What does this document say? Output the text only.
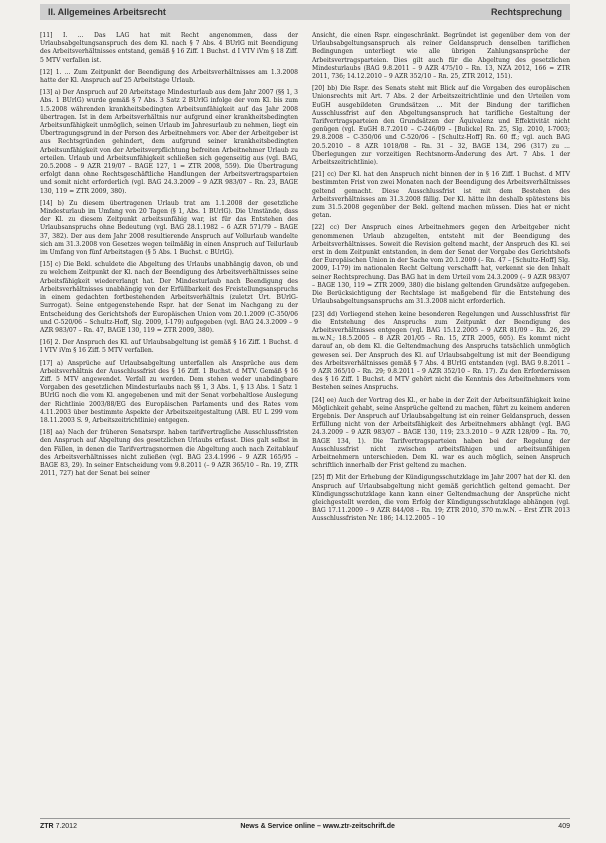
II. Allgemeines Arbeitsrecht	Rechtsprechung

[11] I. ... Das LAG hat mit Recht angenommen, dass der Urlaubsabgeltungsanspruch des dem Kl. nach § 7 Abs. 4 BUrlG mit Beendigung des Arbeitsverhältnisses entstand, gemäß § 16 Ziff. 1 Buchst. d I VTV iVm § 18 Ziff. 5 MTV verfallen ist.

[12] 1. ... Zum Zeitpunkt der Beendigung des Arbeitsverhältnisses am 1.3.2008 hatte der Kl. Anspruch auf 25 Arbeitstage Urlaub.

[13] a) Der Anspruch auf 20 Arbeitstage Mindesturlaub aus dem Jahr 2007 (§§ 1, 3 Abs. 1 BUrlG) wurde gemäß § 7 Abs. 3 Satz 2 BUrlG infolge der vom Kl. bis zum 1.5.2008 währenden krankheitsbedingten Arbeitsunfähigkeit auf das Jahr 2008 übertragen. Ist in dem Arbeitsverhältnis nur aufgrund einer krankheitsbedingten Arbeitsunfähigkeit unmöglich, seinen Urlaub im Jahresurlaub zu nehmen, liegt ein Übertragungsgrund in der Person des Arbeitnehmers vor. Aber der Arbeitgeber ist aus Rechtsgründen gehindert, dem aufgrund seiner krankheitsbedingten Arbeitsunfähigkeit von der Arbeitsverpflichtung befreiten Arbeitnehmer Urlaub zu erteilen. Urlaub und Arbeitsunfähigkeit schließen sich gegenseitig aus (vgl. BAG, 20.5.2008 – 9 AZR 219/07 – BAGE 127, 1 = ZTR 2008, 559). Die Übertragung erfolgt dann ohne Rechtsgeschäftliche Handlungen der Arbeitsvertragsparteien und somit nicht erforderlich (vgl. BAG 24.3.2009 – 9 AZR 983/07 – Rn. 23, BAGE 130, 119 = ZTR 2009, 380).

[14] b) Zu diesem übertragenen Urlaub trat am 1.1.2008 der gesetzliche Mindesturlaub im Umfang von 20 Tagen (§ 1, Abs. 1 BUrlG). Die Umstände, dass der Kl. zu diesem Zeitpunkt arbeitsunfähig war, ist für das Entstehen des Urlaubsanspruchs ohne Bedeutung (vgl. BAG 28.1.1982 – 6 AZR 571/79 – BAGE 37, 382). Der aus dem Jahr 2008 resultierende Anspruch auf Vollurlaub wandelte sich am 31.3.2008 von Gesetzes wegen teilmäßig in einen Anspruch auf Teilurlaub im Umfang von fünf Arbeitstagen (§ 5 Abs. 1 Buchst. c BUrlG).

[15] c) Die Bekl. schuldete die Abgeltung des Urlaubs unabhängig davon, ob und zu welchem Zeitpunkt der Kl. nach der Beendigung des Arbeitsverhältnisses seine Arbeitsfähigkeit wiedererlangt hat. Der Mindesturlaub nach Beendigung des Arbeitsverhältnisses unabhängig von der Erfüllbarkeit des Freistellungsanspruchs in einem gedachten fortbestehenden Arbeitsverhältnis (zuletzt Urt. BUrlG-Surrogat). Seine entgegenstehende Rspr. hat der Senat im Nachgang zu der Entscheidung des Gerichtshofs der Europäischen Union vom 20.1.2009 (C-350/06 und C-520/06 – Schultz-Hoff, Slg. 2009, I-179) aufgegeben (vgl. BAG 24.3.2009 – 9 AZR 983/07 – Rn. 47, BAGE 130, 119 = ZTR 2009, 380).

[16] 2. Der Anspruch des Kl. auf Urlaubsabgeltung ist gemäß § 16 Ziff. 1 Buchst. d I VTV iVm § 16 Ziff. 5 MTV verfallen.

[17] a) Ansprüche auf Urlaubsabgeltung unterfallen als Ansprüche aus dem Arbeitsverhältnis der Ausschlussfrist des § 16 Ziff. 1 Buchst. d MTV. Gemäß § 16 Ziff. 5 MTV angewendet. Verfall zu werden. Dem stehen weder unabdingbare Vorgaben des gesetzlichen Mindesturlaubs nach §§ 1, 3 Abs. 1, § 13 Abs. 1 Satz 1 BUrlG noch die vom Kl. angegebenen und mit der Senat vorbehaltlose Auslegung der Richtlinie 2003/88/EG des Europäischen Parlaments und des Rates vom 4.11.2003 über bestimmte Aspekte der Arbeitszeitgestaltung (ABl. EU L 299 vom 18.11.2003 S. 9, Arbeitszeitrichtlinie) entgegen.

[18] aa) Nach der früheren Senatsrspr. haben tarifvertragliche Ausschlussfristen den Anspruch auf Abgeltung des gesetzlichen Urlaubs erfasst. Dies galt selbst in den Fällen, in denen die Tarifvertragsnormen die Abgeltung auch nach Zeitablauf des Arbeitsverhältnisses nicht zuließen (vgl. BAG 23.4.1996 – 9 AZR 165/95 – BAGE 83, 29). In seiner Entscheidung vom 9.8.2011 (– 9 AZR 365/10 – Rn. 19, ZTR 2011, 727) hat der Senat bei seiner

Ansicht, die einen Rspr. eingeschränkt. Begründet ist gegenüber dem von der Urlaubsabgeltungsanspruch als reiner Geldanspruch denselben tariflichen Bedingungen unterliegt wie alle übrigen Zahlungsansprüche der Arbeitsvertragsparteien. Dies gilt auch für die Abgeltung des gesetzlichen Mindesturlaubs (BAG 9.8.2011 – 9 AZR 475/10 – Rn. 13, NZA 2012, 166 = ZTR 2011, 736; 14.12.2010 – 9 AZR 352/10 – Rn. 25, ZTR 2012, 151).

[20] bb) Die Rspr. des Senats steht mit Blick auf die Vorgaben des europäischen Unionsrechts mit Art. 7 Abs. 2 der Arbeitszeitrichtlinie und den Urteilen vom EuGH ausgebildeten Grundsätzen ... Mit der Bindung der tariflichen Ausschlussfrist auf den Abgeltungsanspruch hat tarifliche Gestaltung der Tarifvertragsparteien den Grundsätzen der Äquivalenz und Effektivität nicht genügen (vgl. EuGH 8.7.2010 – C-246/09 – [Bulicke] Rn. 25, Slg. 2010, I-7003; 29.8.2008 – C-350/06 und C-520/06 – [Schultz-Hoff] Rn. 60 ff.; vgl. auch BAG 20.5.2010 – 8 AZR 1018/08 – Rn. 31 – 32, BAGE 134, 296 (317) zu ... Überlegungen zur vorzeitigen Rechtsnorm-Änderung des Art. 7 Abs. 1 der Arbeitszeitrichtlinie).

[21] cc) Der Kl. hat den Anspruch nicht binnen der in § 16 Ziff. 1 Buchst. d MTV bestimmten Frist von zwei Monaten nach der Beendigung des Arbeitsverhältnisses geltend gemacht. Diese Ausschlussfrist ist mit dem Bestehen des Arbeitsverhältnisses am 31.3.2008 fällig. Der Kl. hätte ihn deshalb spätestens bis zum 31.5.2008 gegenüber der Bekl. geltend machen müssen. Dies hat er nicht getan.

[22] cc) Der Anspruch eines Arbeitnehmers gegen den Arbeitgeber nicht genommenen Urlaub abzugelten, entsteht mit der Beendigung des Arbeitsverhältnisses. Soweit die Revision geltend macht, der Anspruch des Kl. sei erst in dem Zeitpunkt entstanden, in dem der Senat der Vorgabe des Gerichtshofs der Europäischen Union in der Sache vom 20.1.2009 (– Rn. 47 – [Schultz-Hoff] Slg. 2009, I-179) im nationalen Recht Geltung verschafft hat, verkennt sie den Inhalt seiner Rechtsprechung. Das BAG hat in dem Urteil vom 24.3.2009 (– 9 AZR 983/07 – BAGE 130, 119 = ZTR 2009, 380) die bislang geltenden Grundsätze aufgegeben. Die Berücksichtigung der Rechtslage ist maßgebend für die Entstehung des Urlaubsabgeltungsanspruchs am 31.3.2008 nicht erforderlich.

[23] dd) Vorliegend stehen keine besonderen Regelungen und Ausschlussfrist für die Entstehung des Anspruchs zum Zeitpunkt der Beendigung des Arbeitsverhältnisses entgegen (vgl. BAG 15.12.2005 – 9 AZR 81/09 – Rn. 26, 29 m.w.N.; 18.5.2005 – 8 AZR 201/05 – Rn. 15, ZTR 2005, 605). Es kommt nicht darauf an, ob dem Kl. die Geltendmachung des Anspruchs tatsächlich unmöglich gewesen sei. Der Anspruch des Kl. auf Urlaubsabgeltung ist mit der Beendigung des Arbeitsverhältnisses gemäß § 7 Abs. 4 BUrlG entstanden (vgl. BAG 9.8.2011 – 9 AZR 365/10 – Rn. 29; 9.8.2011 – 9 AZR 352/10 – Rn. 17). Zu den Erfordernissen des § 16 Ziff. 1 Buchst. d MTV gehört nicht die Kenntnis des Arbeitnehmers vom Bestehen seines Anspruchs.

[24] ee) Auch der Vortrag des Kl., er habe in der Zeit der Arbeitsunfähigkeit keine Möglichkeit gehabt, seine Ansprüche geltend zu machen, führt zu keinem anderen Ergebnis. Der Anspruch auf Urlaubsabgeltung ist ein reiner Geldanspruch, dessen Erfüllung nicht von der Arbeitsfähigkeit des Arbeitnehmers abhängt (vgl. BAG 24.3.2009 – 9 AZR 983/07 – BAGE 130, 119; 23.3.2010 – 9 AZR 128/09 – Rn. 70, BAGE 134, 1). Die Tarifvertragsparteien haben bei der Regelung der Ausschlussfrist nicht zwischen arbeitsfähigen und arbeitsunfähigen Arbeitnehmern unterschieden. Dem Kl. war es auch möglich, seinen Anspruch schriftlich innerhalb der Frist geltend zu machen.

[25] ff) Mit der Erhebung der Kündigungsschutzklage im Jahr 2007 hat der Kl. den Anspruch auf Urlaubsabgeltung nicht gemäß gerichtlich geltend gemacht. Der Kündigungsschutzklage kann kann einer Geltendmachung der Ansprüche nicht gleichgestellt werden, die vom Erfolg der Kündigungsschutzklage abhängen (vgl. BAG 17.11.2009 – 9 AZR 844/08 – Rn. 19; ZTR 2010, 370 m.w.N. – Erst ZTR 2013 Ausschlussfristen Nr. 186; 14.12.2005 – 10

ZTR 7.2012	News & Service online – www.ztr-zeitschrift.de	409
